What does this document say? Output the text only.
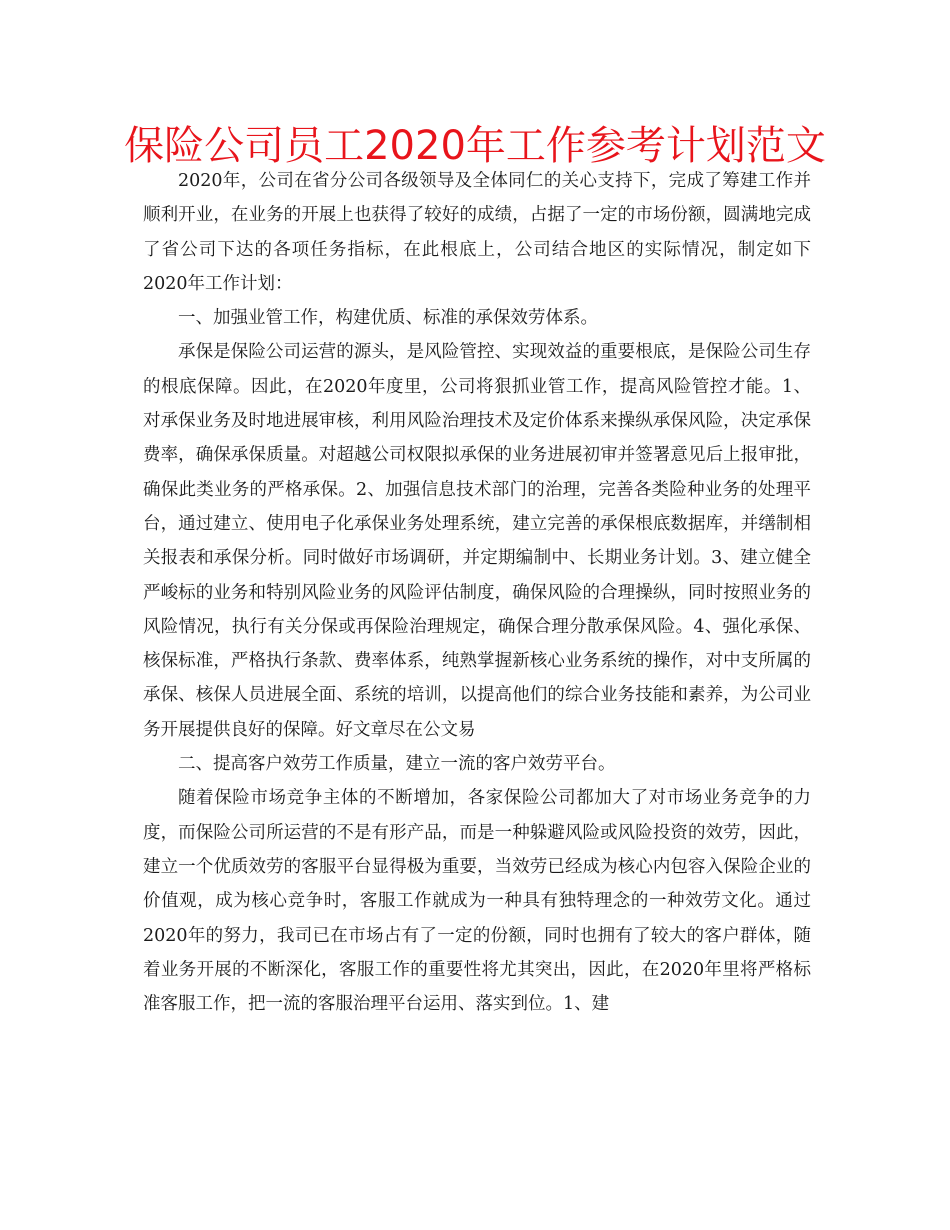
保险公司员工2020年工作参考计划范文

2020年，公司在省分公司各级领导及全体同仁的关心支持下，完成了筹建工作并顺利开业，在业务的开展上也获得了较好的成绩，占据了一定的市场份额，圆满地完成了省公司下达的各项任务指标，在此根底上，公司结合地区的实际情况，制定如下2020年工作计划：

一、加强业管工作，构建优质、标准的承保效劳体系。

承保是保险公司运营的源头，是风险管控、实现效益的重要根底，是保险公司生存的根底保障。因此，在2020年度里，公司将狠抓业管工作，提高风险管控才能。1、对承保业务及时地进展审核，利用风险治理技术及定价体系来操纵承保风险，决定承保费率，确保承保质量。对超越公司权限拟承保的业务进展初审并签署意见后上报审批，确保此类业务的严格承保。2、加强信息技术部门的治理，完善各类险种业务的处理平台，通过建立、使用电子化承保业务处理系统，建立完善的承保根底数据库，并缮制相关报表和承保分析。同时做好市场调研，并定期编制中、长期业务计划。3、建立健全严峻标的业务和特别风险业务的风险评估制度，确保风险的合理操纵，同时按照业务的风险情况，执行有关分保或再保险治理规定，确保合理分散承保风险。4、强化承保、核保标准，严格执行条款、费率体系，纯熟掌握新核心业务系统的操作，对中支所属的承保、核保人员进展全面、系统的培训，以提高他们的综合业务技能和素养，为公司业务开展提供良好的保障。好文章尽在公文易

二、提高客户效劳工作质量，建立一流的客户效劳平台。

随着保险市场竞争主体的不断增加，各家保险公司都加大了对市场业务竞争的力度，而保险公司所运营的不是有形产品，而是一种躲避风险或风险投资的效劳，因此，建立一个优质效劳的客服平台显得极为重要，当效劳已经成为核心内包容入保险企业的价值观，成为核心竞争时，客服工作就成为一种具有独特理念的一种效劳文化。通过2020年的努力，我司已在市场占有了一定的份额，同时也拥有了较大的客户群体，随着业务开展的不断深化，客服工作的重要性将尤其突出，因此，在2020年里将严格标准客服工作，把一流的客服治理平台运用、落实到位。1、建
